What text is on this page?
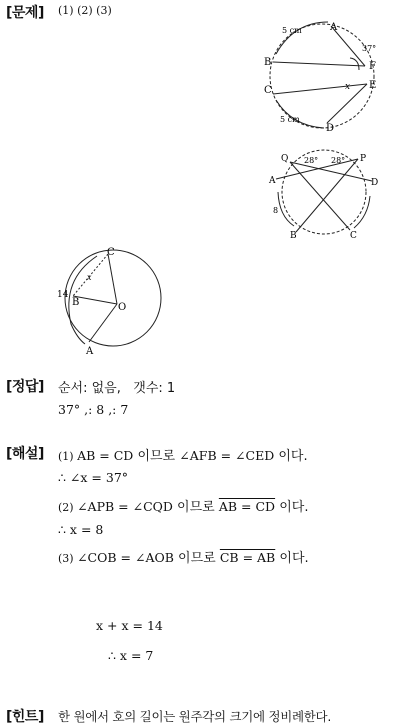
[문제] (1) (2) (3)
A
B
C
D
E
F
x
5 cm
5 cm
37°
Q	P
A	D
B	C
28° 28°
8
C
B	O
A
14
x
[정답] 순서: 없음,   갯수: 1
37° ,: 8 ,: 7
[해설] (1) AB = CD 이므로 ∠AFB = ∠CED 이다.
∴ ∠x = 37°
(2) ∠APB = ∠CQD 이므로 AB = CD 이다.
∴ x = 8
(3) ∠COB = ∠AOB 이므로 CB = AB 이다.
x + x = 14
∴ x = 7
[힌트] 한 원에서 호의 길이는 원주각의 크기에 정비례한다.
